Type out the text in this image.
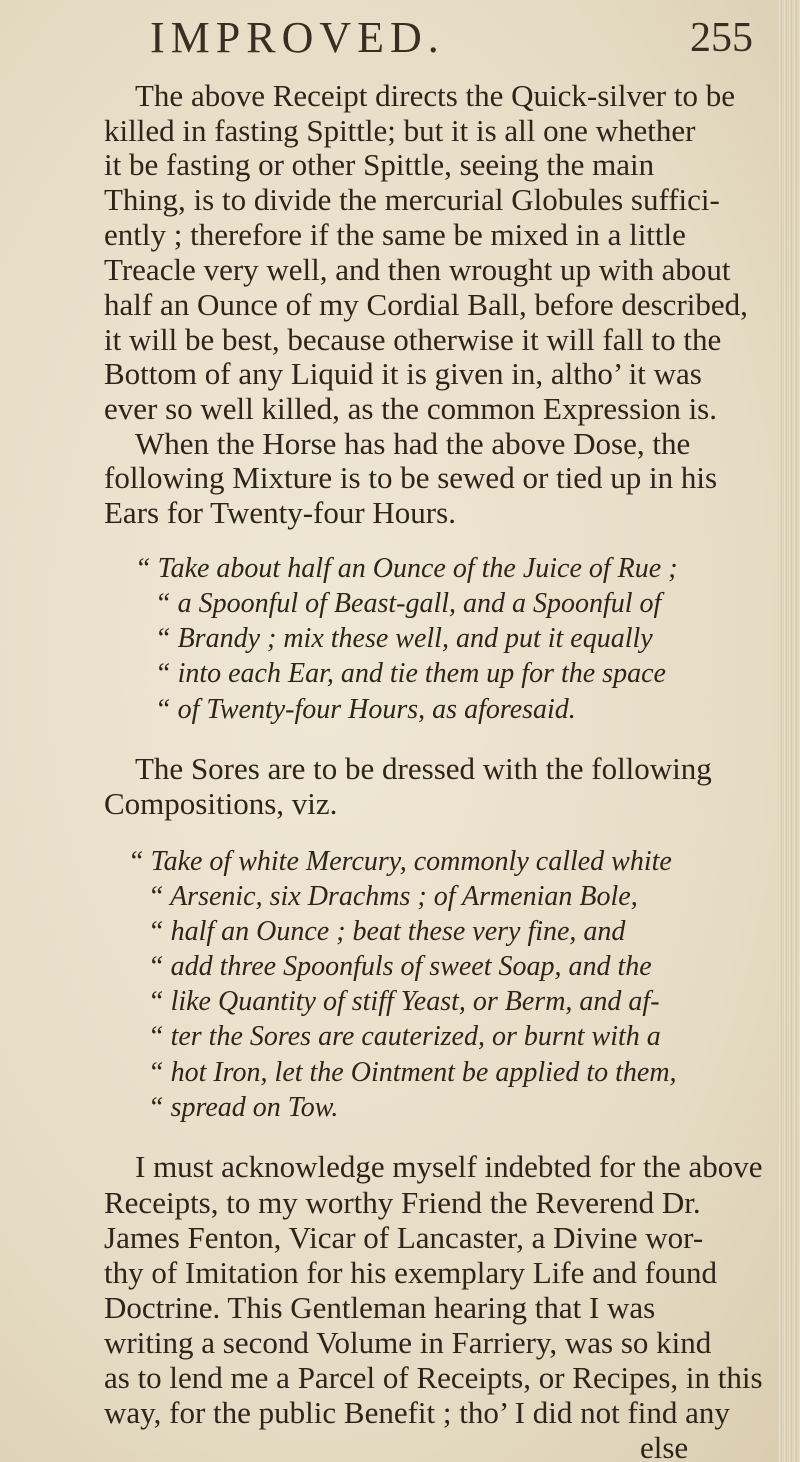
IMPROVED.	255
The above Receipt directs the Quick-silver to be
killed in fasting Spittle; but it is all one whether
it be fasting or other Spittle, seeing the main
Thing, is to divide the mercurial Globules suffici-
ently ; therefore if the same be mixed in a little
Treacle very well, and then wrought up with about
half an Ounce of my Cordial Ball, before described,
it will be best, because otherwise it will fall to the
Bottom of any Liquid it is given in, altho’ it was
ever so well killed, as the common Expression is.
When the Horse has had the above Dose, the
following Mixture is to be sewed or tied up in his
Ears for Twenty-four Hours.
“ Take about half an Ounce of the Juice of Rue ;
“ a Spoonful of Beast-gall, and a Spoonful of
“ Brandy ; mix these well, and put it equally
“ into each Ear, and tie them up for the space
“ of Twenty-four Hours, as aforesaid.
The Sores are to be dressed with the following
Compositions, viz.
“ Take of white Mercury, commonly called white
“ Arsenic, six Drachms ; of Armenian Bole,
“ half an Ounce ; beat these very fine, and
“ add three Spoonfuls of sweet Soap, and the
“ like Quantity of stiff Yeast, or Berm, and af-
“ ter the Sores are cauterized, or burnt with a
“ hot Iron, let the Ointment be applied to them,
“ spread on Tow.
I must acknowledge myself indebted for the above
Receipts, to my worthy Friend the Reverend Dr.
James Fenton, Vicar of Lancaster, a Divine wor-
thy of Imitation for his exemplary Life and found
Doctrine. This Gentleman hearing that I was
writing a second Volume in Farriery, was so kind
as to lend me a Parcel of Receipts, or Recipes, in this
way, for the public Benefit ; tho’ I did not find any
else
